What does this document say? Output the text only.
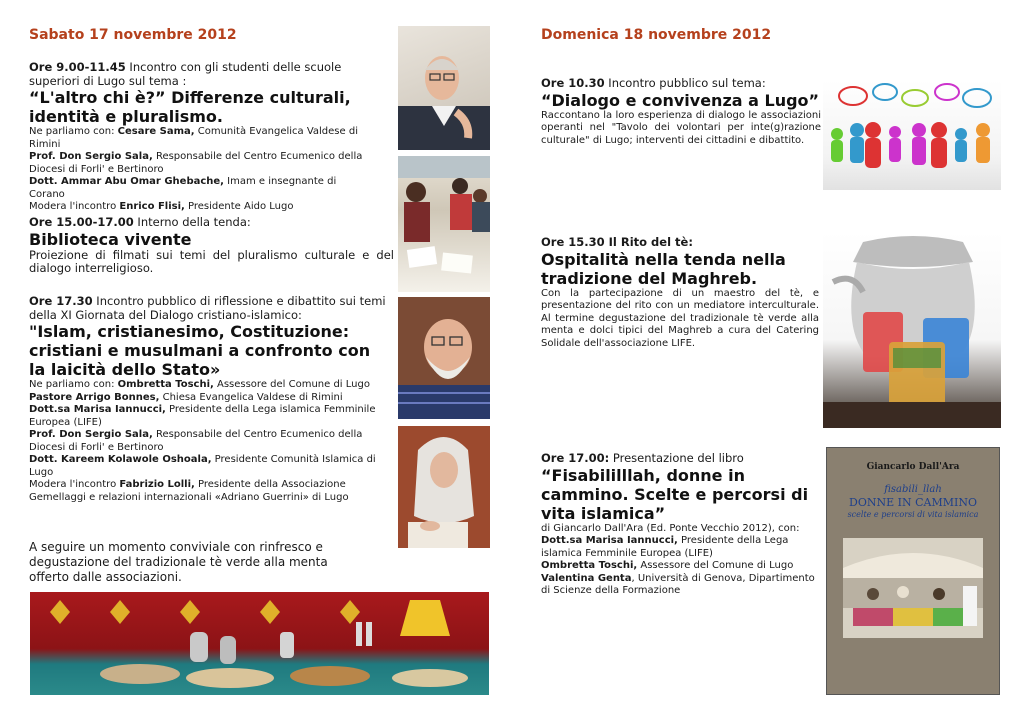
Sabato 17 novembre 2012
Ore 9.00-11.45 Incontro con gli studenti delle scuole superiori di Lugo sul tema :
“L'altro chi è?” Differenze culturali, identità e pluralismo.
Ne parliamo con: Cesare Sama, Comunità Evangelica Valdese di Rimini
Prof. Don Sergio Sala, Responsabile del Centro Ecumenico della Diocesi di Forli' e Bertinoro
Dott. Ammar Abu Omar Ghebache, Imam e insegnante di Corano
Modera l'incontro Enrico Flisi, Presidente Aido Lugo
Ore 15.00-17.00 Interno della tenda:
Biblioteca vivente
Proiezione di filmati sui temi del pluralismo culturale e del dialogo interreligioso.
Ore 17.30 Incontro pubblico di riflessione e dibattito sui temi della XI Giornata del Dialogo cristiano-islamico:
"Islam, cristianesimo, Costituzione: cristiani e musulmani a confronto con la laicità dello Stato»
Ne parliamo con: Ombretta Toschi, Assessore del Comune di Lugo
Pastore Arrigo Bonnes, Chiesa Evangelica Valdese di Rimini
Dott.sa Marisa Iannucci, Presidente della Lega islamica Femminile Europea (LIFE)
Prof. Don Sergio Sala, Responsabile del Centro Ecumenico della Diocesi di Forli' e Bertinoro
Dott. Kareem Kolawole Oshoala, Presidente Comunità Islamica di Lugo
Modera l'incontro Fabrizio Lolli, Presidente della Associazione Gemellaggi e relazioni internazionali «Adriano Guerrini» di Lugo
A seguire un momento conviviale con rinfresco e degustazione del tradizionale tè verde alla menta offerto dalle associazioni.
Domenica 18 novembre 2012
Ore 10.30 Incontro pubblico sul tema:
“Dialogo e convivenza a Lugo”
Raccontano la loro esperienza di dialogo le associazioni operanti nel "Tavolo dei volontari per inte(g)razione culturale" di Lugo; interventi dei cittadini e dibattito.
Ore 15.30 Il Rito del tè:
Ospitalità nella tenda nella tradizione del Maghreb.
Con la partecipazione di un maestro del tè, e presentazione del rito con un mediatore interculturale. Al termine degustazione del tradizionale tè verde alla menta e dolci tipici del Maghreb a cura del Catering Solidale dell'associazione LIFE.
Ore 17.00: Presentazione del libro
“Fisabililllah, donne in cammino. Scelte e percorsi di vita islamica”
di Giancarlo Dall'Ara (Ed. Ponte Vecchio 2012), con:
Dott.sa Marisa Iannucci, Presidente della Lega islamica Femminile Europea (LIFE)
Ombretta Toschi, Assessore del Comune di Lugo
Valentina Genta, Università di Genova, Dipartimento di Scienze della Formazione
Giancarlo Dall'Ara
fisabili_llah
DONNE IN CAMMINO
scelte e percorsi di vita islamica
